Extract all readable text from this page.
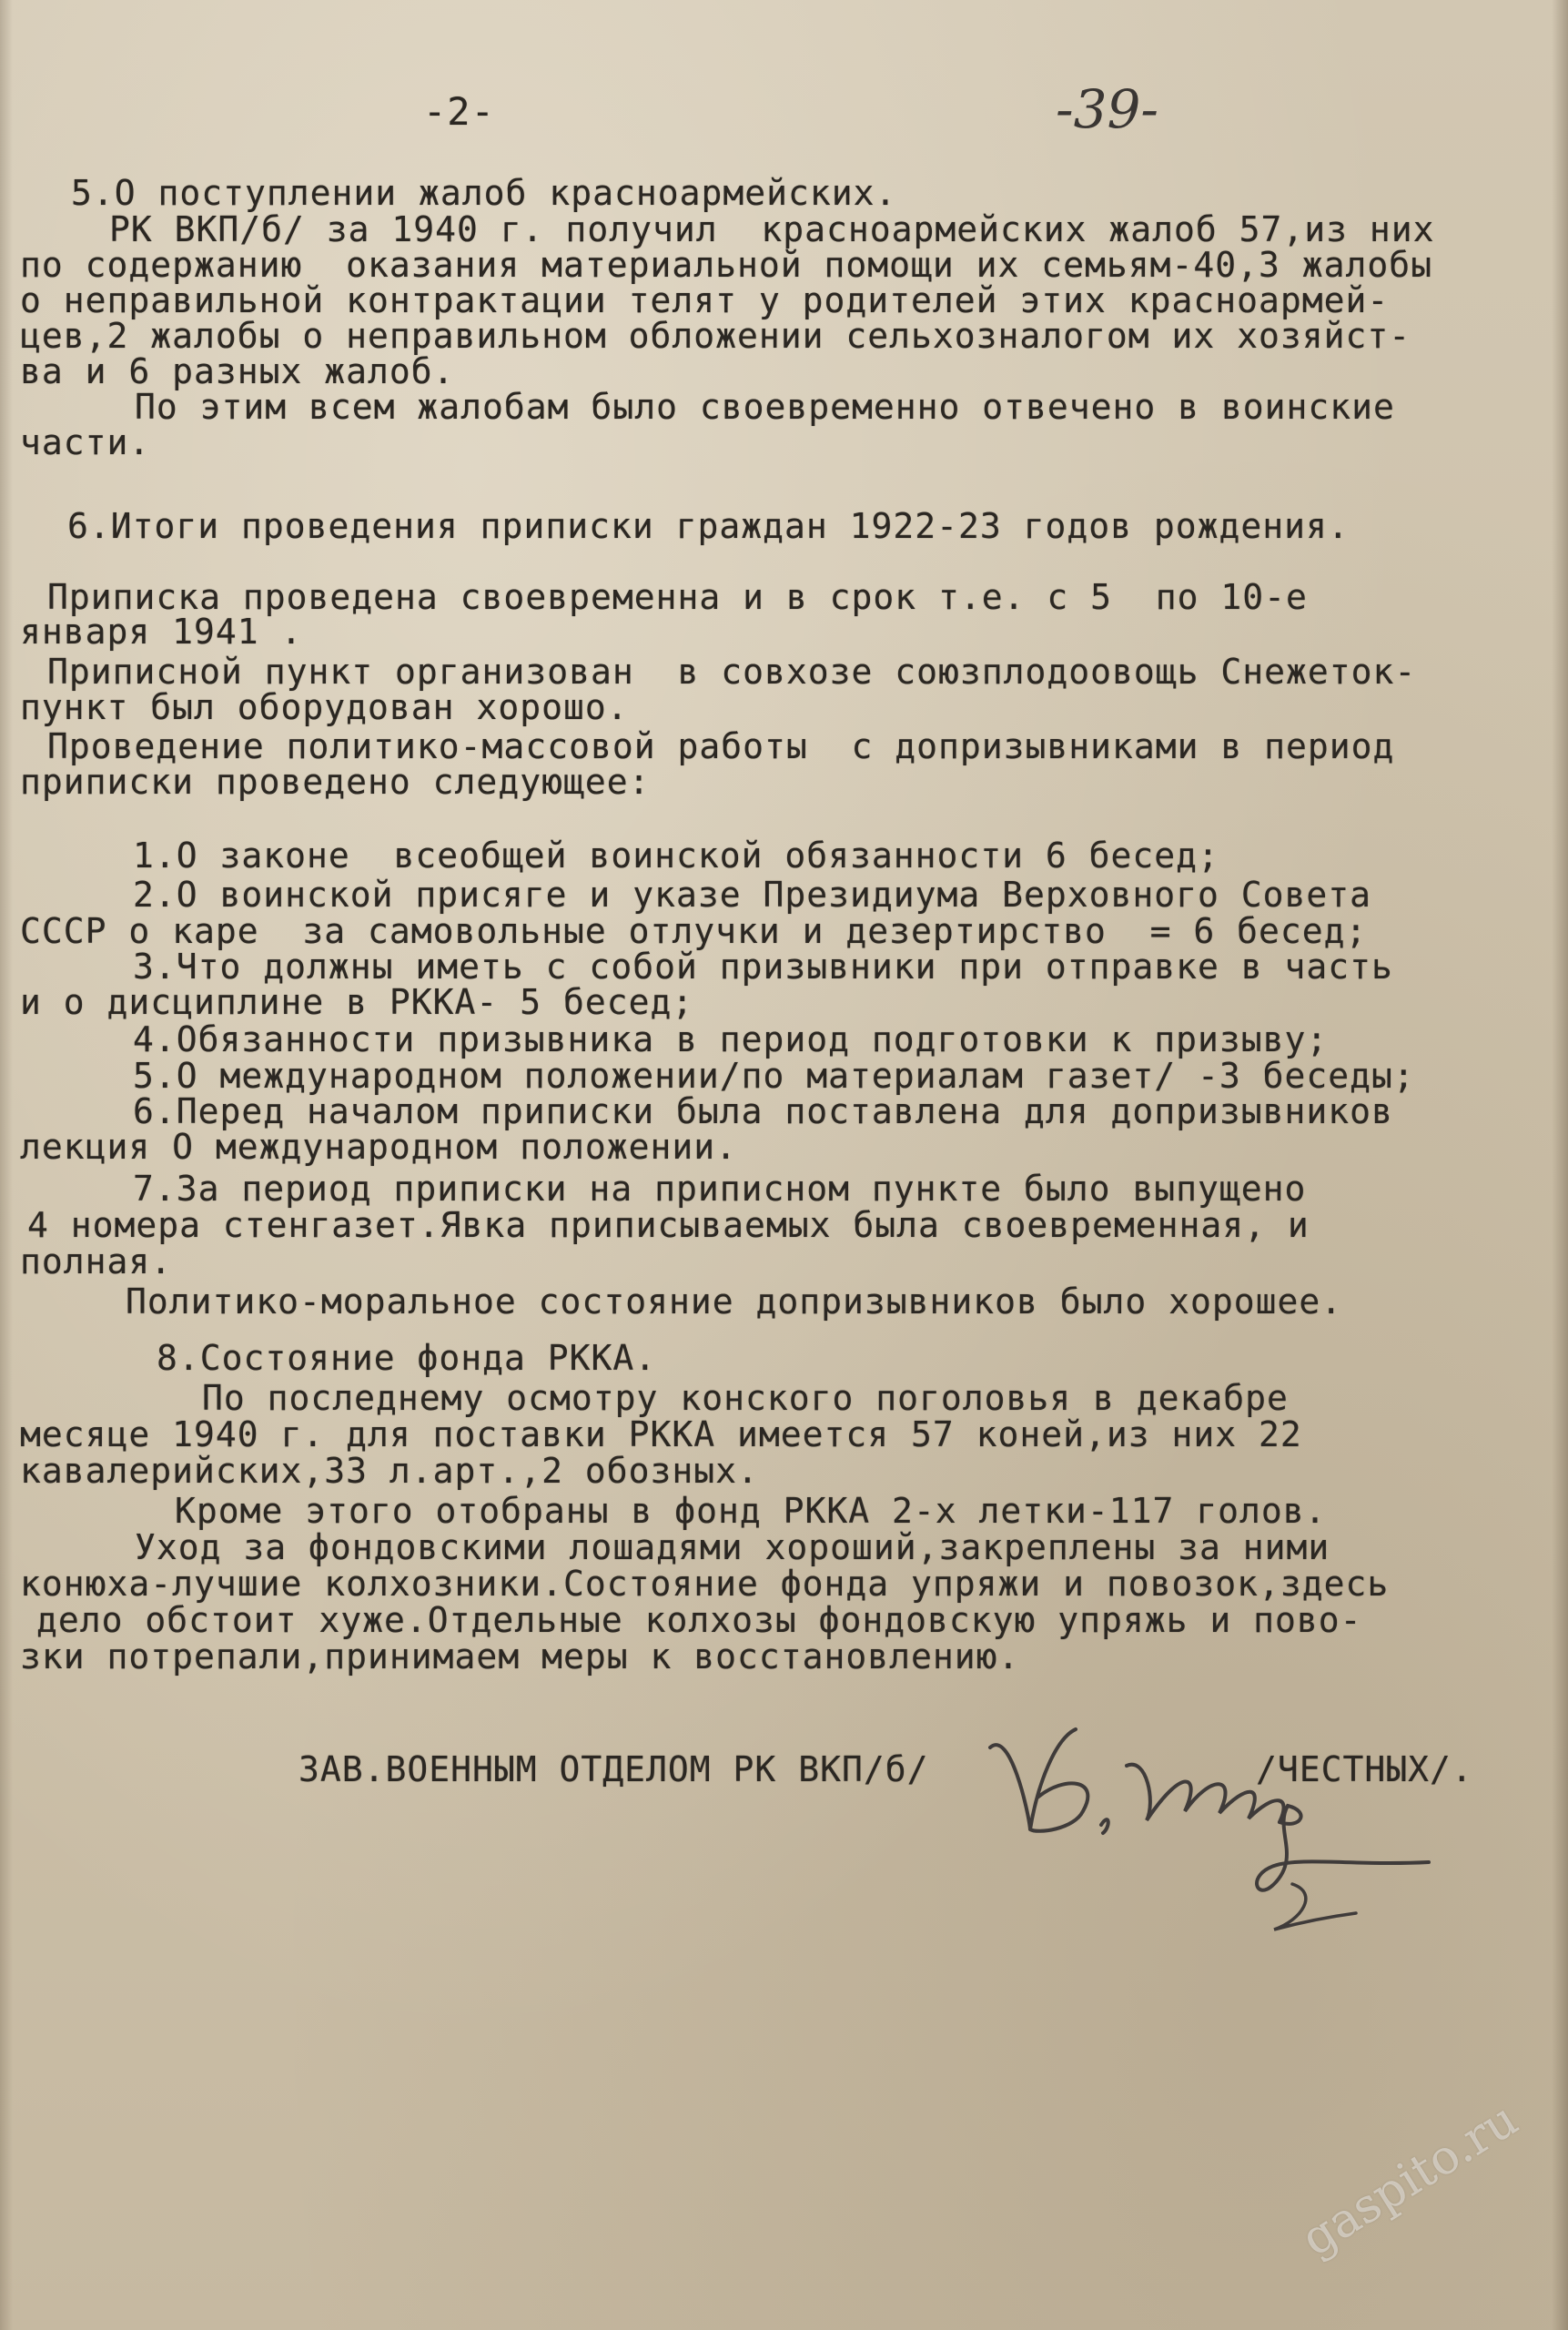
-2-	-39-
5.О поступлении жалоб красноармейских.
РК ВКП/б/ за 1940 г. получил  красноармейских жалоб 57,из них
по содержанию  оказания материальной помощи их семьям-40,3 жалобы
о неправильной контрактации телят у родителей этих красноармей-
цев,2 жалобы о неправильном обложении сельхозналогом их хозяйст-
ва и 6 разных жалоб.
По этим всем жалобам было своевременно отвечено в воинские
части.
6.Итоги проведения приписки граждан 1922-23 годов рождения.
Приписка проведена своевременна и в срок т.е. с 5  по 10-е
января 1941 .
Приписной пункт организован  в совхозе союзплодоовощь Снежеток-
пункт был оборудован хорошо.
Проведение политико-массовой работы  с допризывниками в период
приписки проведено следующее:
1.О законе  всеобщей воинской обязанности 6 бесед;
2.О воинской присяге и указе Президиума Верховного Совета
СССР о каре  за самовольные отлучки и дезертирство  = 6 бесед;
3.Что должны иметь с собой призывники при отправке в часть
и о дисциплине в РККА- 5 бесед;
4.Обязанности призывника в период подготовки к призыву;
5.О международном положении/по материалам газет/ -3 беседы;
6.Перед началом приписки была поставлена для допризывников
лекция О международном положении.
7.За период приписки на приписном пункте было выпущено
4 номера стенгазет.Явка приписываемых была своевременная, и
полная.
Политико-моральное состояние допризывников было хорошее.
8.Состояние фонда РККА.
По последнему осмотру конского поголовья в декабре
месяце 1940 г. для поставки РККА имеется 57 коней,из них 22
кавалерийских,33 л.арт.,2 обозных.
Кроме этого отобраны в фонд РККА 2-х летки-117 голов.
Уход за фондовскими лошадями хороший,закреплены за ними
конюха-лучшие колхозники.Состояние фонда упряжи и повозок,здесь
дело обстоит хуже.Отдельные колхозы фондовскую упряжь и пово-
зки потрепали,принимаем меры к восстановлению.
ЗАВ.ВОЕННЫМ ОТДЕЛОМ РК ВКП/б/	/ЧЕСТНЫХ/.
gaspito.ru
